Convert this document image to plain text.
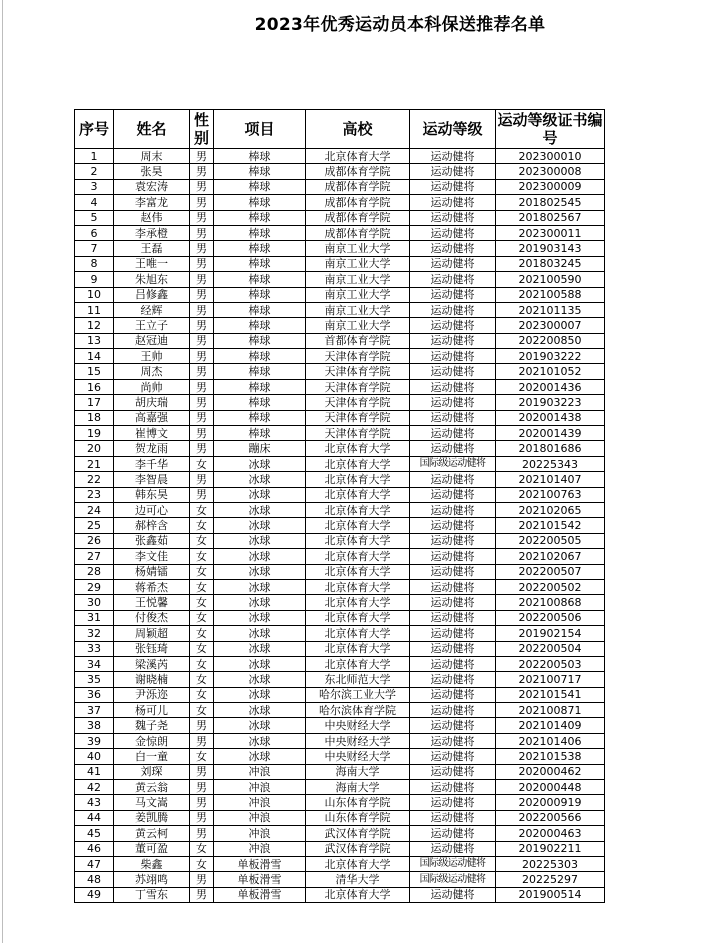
2023年优秀运动员本科保送推荐名单
序号	姓名	性别	项目	高校	运动等级	运动等级证书编号
1	周末	男	棒球	北京体育大学	运动健将	202300010
2	张昊	男	棒球	成都体育学院	运动健将	202300008
3	袁宏涛	男	棒球	成都体育学院	运动健将	202300009
4	李富龙	男	棒球	成都体育学院	运动健将	201802545
5	赵伟	男	棒球	成都体育学院	运动健将	201802567
6	李承橙	男	棒球	成都体育学院	运动健将	202300011
7	王磊	男	棒球	南京工业大学	运动健将	201903143
8	王唯一	男	棒球	南京工业大学	运动健将	201803245
9	朱旭东	男	棒球	南京工业大学	运动健将	202100590
10	吕修鑫	男	棒球	南京工业大学	运动健将	202100588
11	经辉	男	棒球	南京工业大学	运动健将	202101135
12	王立子	男	棒球	南京工业大学	运动健将	202300007
13	赵冠迪	男	棒球	首都体育学院	运动健将	202200850
14	王帅	男	棒球	天津体育学院	运动健将	201903222
15	周杰	男	棒球	天津体育学院	运动健将	202101052
16	尚帅	男	棒球	天津体育学院	运动健将	202001436
17	胡庆瑞	男	棒球	天津体育学院	运动健将	201903223
18	高嘉强	男	棒球	天津体育学院	运动健将	202001438
19	崔博文	男	棒球	天津体育学院	运动健将	202001439
20	贺龙雨	男	蹦床	北京体育大学	运动健将	201801686
21	李千华	女	冰球	北京体育大学	国际级运动健将	20225343
22	李智晨	男	冰球	北京体育大学	运动健将	202101407
23	韩东昊	男	冰球	北京体育大学	运动健将	202100763
24	边可心	女	冰球	北京体育大学	运动健将	202102065
25	郝梓含	女	冰球	北京体育大学	运动健将	202101542
26	张鑫茹	女	冰球	北京体育大学	运动健将	202200505
27	李文佳	女	冰球	北京体育大学	运动健将	202102067
28	杨婧镭	女	冰球	北京体育大学	运动健将	202200507
29	蒋希杰	女	冰球	北京体育大学	运动健将	202200502
30	王悦馨	女	冰球	北京体育大学	运动健将	202100868
31	付俊杰	女	冰球	北京体育大学	运动健将	202200506
32	周颖超	女	冰球	北京体育大学	运动健将	201902154
33	张钰琦	女	冰球	北京体育大学	运动健将	202200504
34	梁溪芮	女	冰球	北京体育大学	运动健将	202200503
35	谢晓楠	女	冰球	东北师范大学	运动健将	202100717
36	尹泺迩	女	冰球	哈尔滨工业大学	运动健将	202101541
37	杨可儿	女	冰球	哈尔滨体育学院	运动健将	202100871
38	魏子尧	男	冰球	中央财经大学	运动健将	202101409
39	金惊朗	男	冰球	中央财经大学	运动健将	202101406
40	白一童	女	冰球	中央财经大学	运动健将	202101538
41	刘琛	男	冲浪	海南大学	运动健将	202000462
42	黄云翁	男	冲浪	海南大学	运动健将	202000448
43	马文嵩	男	冲浪	山东体育学院	运动健将	202000919
44	姜凯腾	男	冲浪	山东体育学院	运动健将	202200566
45	黄云柯	男	冲浪	武汉体育学院	运动健将	202000463
46	董可盈	女	冲浪	武汉体育学院	运动健将	201902211
47	柴鑫	女	单板滑雪	北京体育大学	国际级运动健将	20225303
48	苏翊鸣	男	单板滑雪	清华大学	国际级运动健将	20225297
49	丁雪东	男	单板滑雪	北京体育大学	运动健将	201900514
